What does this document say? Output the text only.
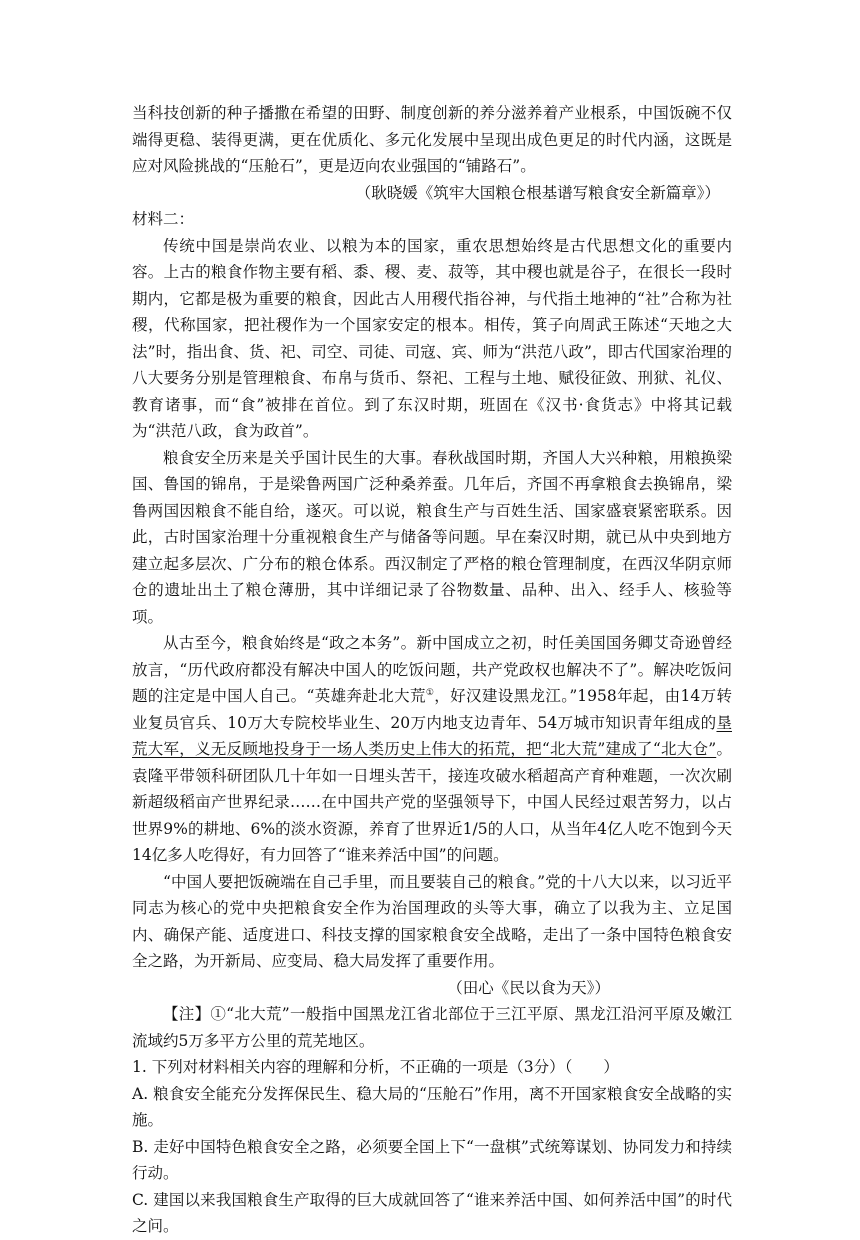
当科技创新的种子播撒在希望的田野、制度创新的养分滋养着产业根系，中国饭碗不仅端得更稳、装得更满，更在优质化、多元化发展中呈现出成色更足的时代内涵，这既是应对风险挑战的“压舱石”，更是迈向农业强国的“铺路石”。

（耿晓媛《筑牢大国粮仓根基谱写粮食安全新篇章》）

材料二：

传统中国是崇尚农业、以粮为本的国家，重农思想始终是古代思想文化的重要内容。上古的粮食作物主要有稻、黍、稷、麦、菽等，其中稷也就是谷子，在很长一段时期内，它都是极为重要的粮食，因此古人用稷代指谷神，与代指土地神的“社”合称为社稷，代称国家，把社稷作为一个国家安定的根本。相传，箕子向周武王陈述“天地之大法”时，指出食、货、祀、司空、司徒、司寇、宾、师为“洪范八政”，即古代国家治理的八大要务分别是管理粮食、布帛与货币、祭祀、工程与土地、赋役征敛、刑狱、礼仪、教育诸事，而“食”被排在首位。到了东汉时期，班固在《汉书·食货志》中将其记载为“洪范八政，食为政首”。

粮食安全历来是关乎国计民生的大事。春秋战国时期，齐国人大兴种粮，用粮换梁国、鲁国的锦帛，于是梁鲁两国广泛种桑养蚕。几年后，齐国不再拿粮食去换锦帛，梁鲁两国因粮食不能自给，遂灭。可以说，粮食生产与百姓生活、国家盛衰紧密联系。因此，古时国家治理十分重视粮食生产与储备等问题。早在秦汉时期，就已从中央到地方建立起多层次、广分布的粮仓体系。西汉制定了严格的粮仓管理制度，在西汉华阴京师仓的遗址出土了粮仓薄册，其中详细记录了谷物数量、品种、出入、经手人、核验等项。

从古至今，粮食始终是“政之本务”。新中国成立之初，时任美国国务卿艾奇逊曾经放言，“历代政府都没有解决中国人的吃饭问题，共产党政权也解决不了”。解决吃饭问题的注定是中国人自己。“英雄奔赴北大荒①，好汉建设黑龙江。”1958年起，由14万转业复员官兵、10万大专院校毕业生、20万内地支边青年、54万城市知识青年组成的垦荒大军，义无反顾地投身于一场人类历史上伟大的拓荒，把“北大荒”建成了“北大仓”。袁隆平带领科研团队几十年如一日埋头苦干，接连攻破水稻超高产育种难题，一次次刷新超级稻亩产世界纪录……在中国共产党的坚强领导下，中国人民经过艰苦努力，以占世界9%的耕地、6%的淡水资源，养育了世界近1/5的人口，从当年4亿人吃不饱到今天14亿多人吃得好，有力回答了“谁来养活中国”的问题。

“中国人要把饭碗端在自己手里，而且要装自己的粮食。”党的十八大以来，以习近平同志为核心的党中央把粮食安全作为治国理政的头等大事，确立了以我为主、立足国内、确保产能、适度进口、科技支撑的国家粮食安全战略，走出了一条中国特色粮食安全之路，为开新局、应变局、稳大局发挥了重要作用。

（田心《民以食为天》）

【注】①“北大荒”一般指中国黑龙江省北部位于三江平原、黑龙江沿河平原及嫩江流域约5万多平方公里的荒芜地区。

1. 下列对材料相关内容的理解和分析，不正确的一项是（3分）（　　）

A. 粮食安全能充分发挥保民生、稳大局的“压舱石”作用，离不开国家粮食安全战略的实施。

B. 走好中国特色粮食安全之路，必须要全国上下“一盘棋”式统筹谋划、协同发力和持续行动。

C. 建国以来我国粮食生产取得的巨大成就回答了“谁来养活中国、如何养活中国”的时代之问。
